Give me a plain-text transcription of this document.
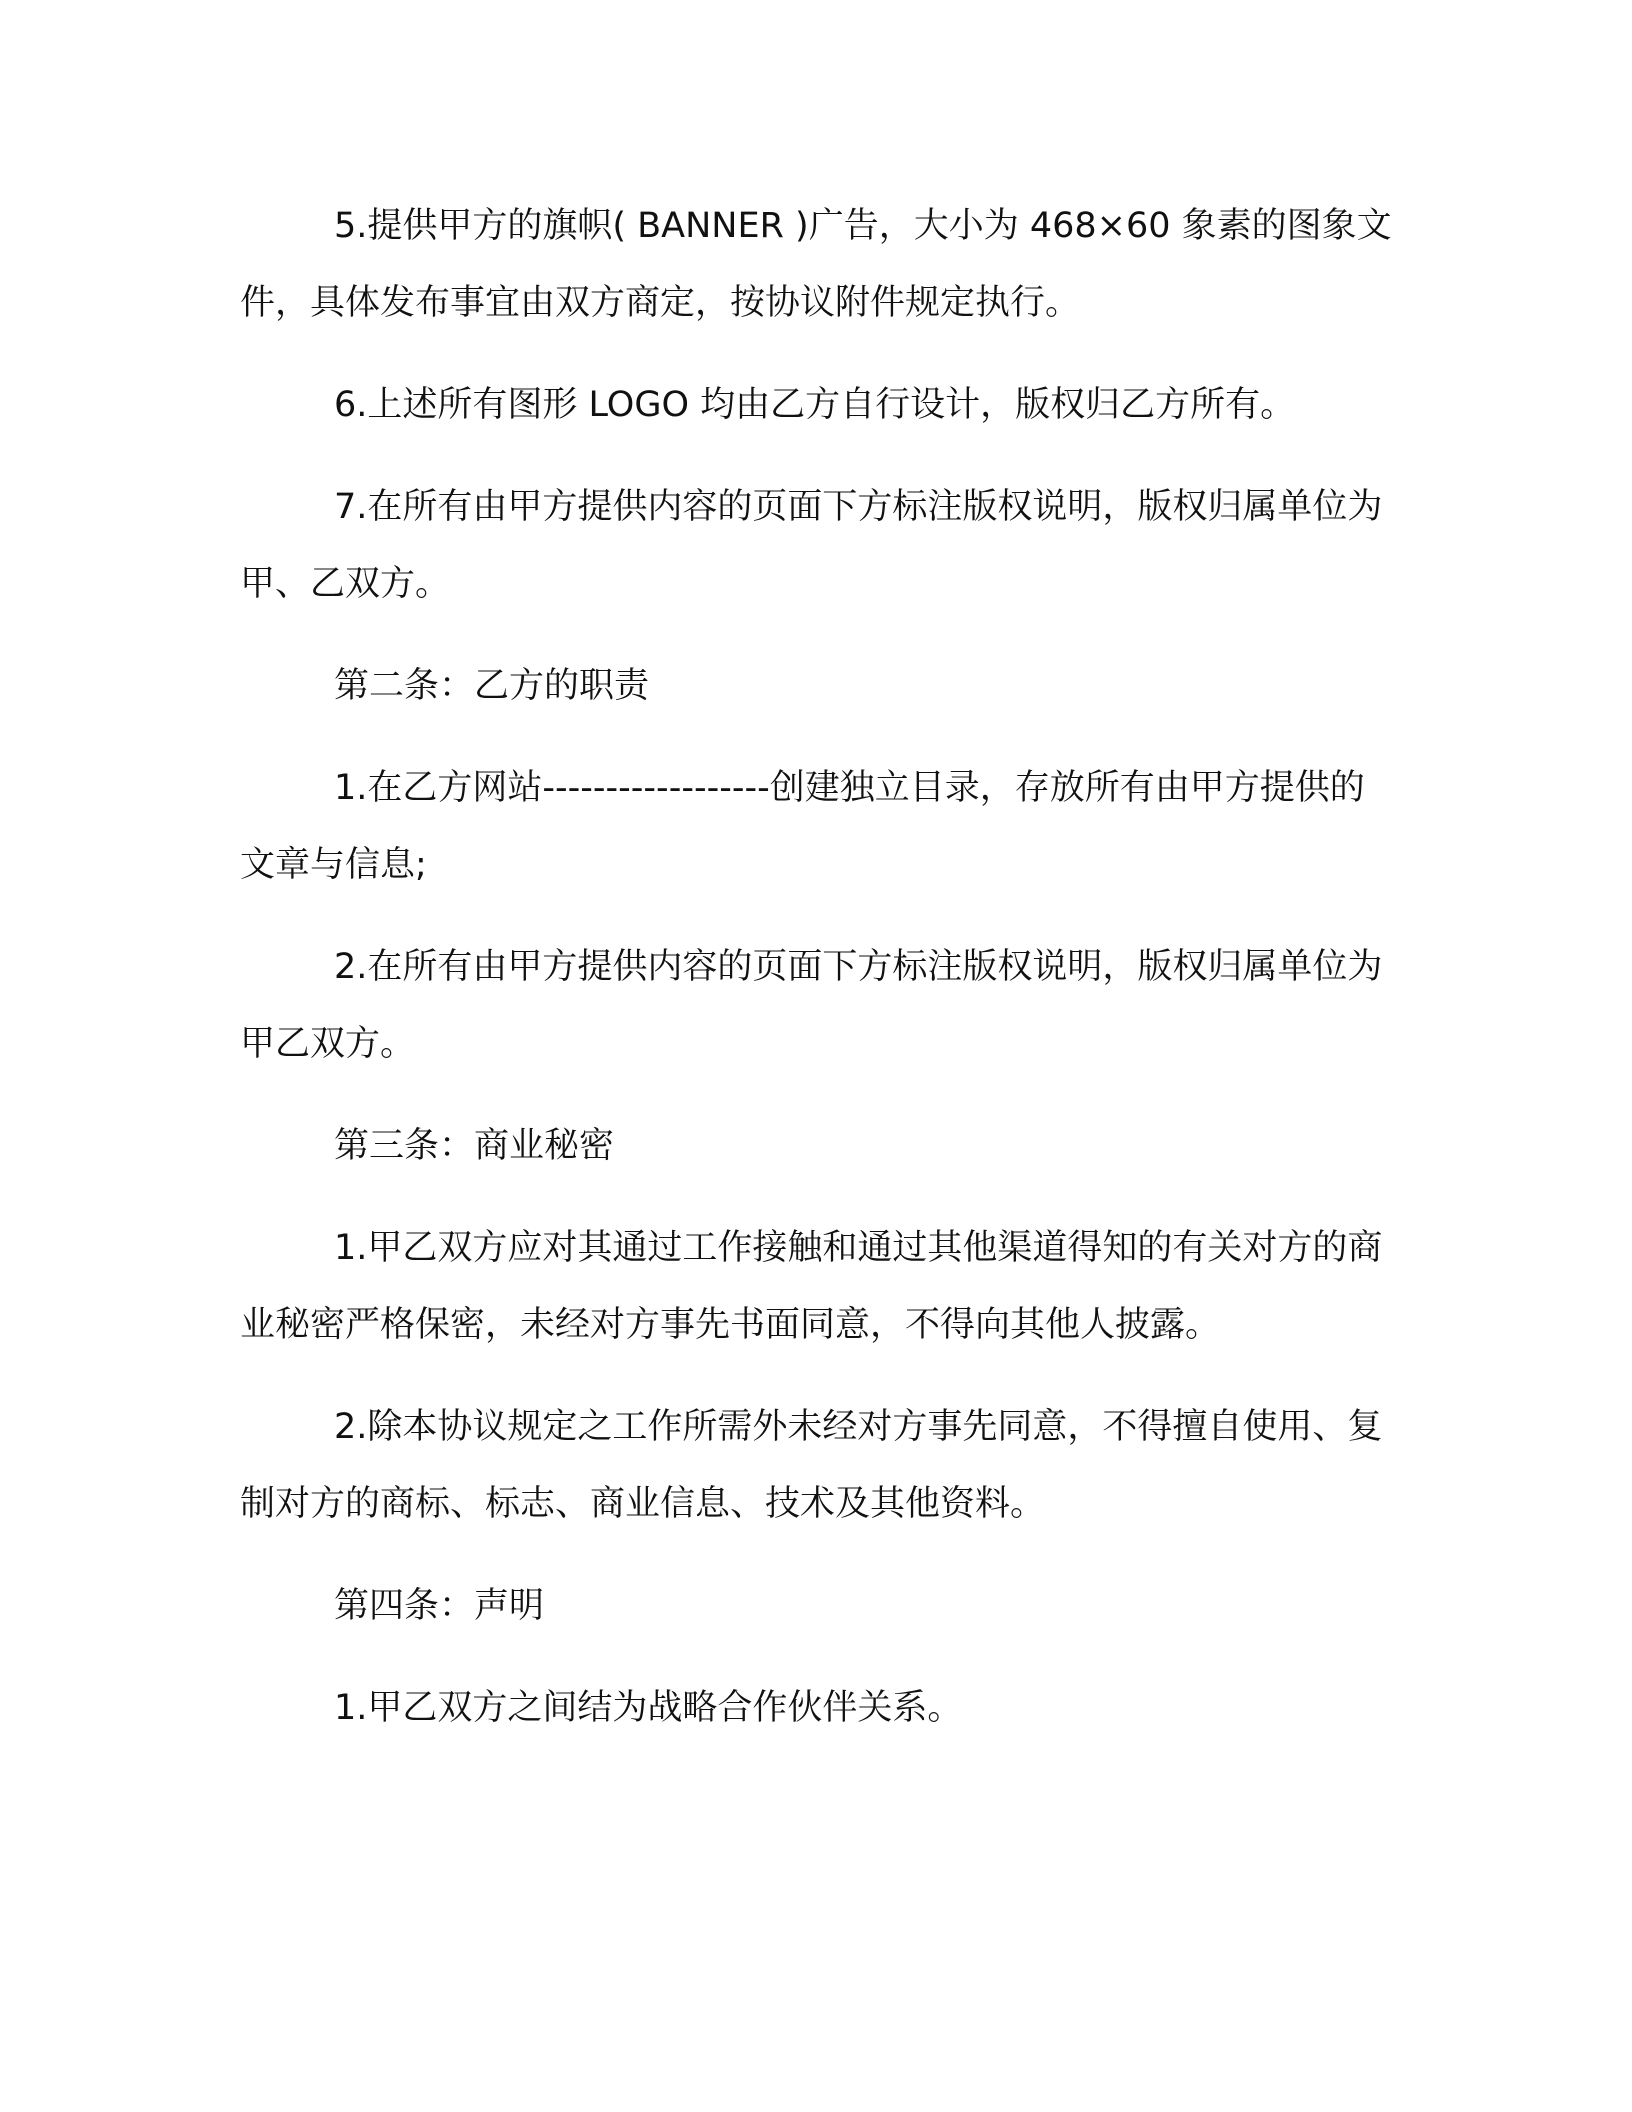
5.提供甲方的旗帜( BANNER )广告，大小为 468×60 象素的图象文件，具体发布事宜由双方商定，按协议附件规定执行。

6.上述所有图形 LOGO 均由乙方自行设计，版权归乙方所有。

7.在所有由甲方提供内容的页面下方标注版权说明，版权归属单位为甲、乙双方。

第二条：乙方的职责

1.在乙方网站------------------创建独立目录，存放所有由甲方提供的文章与信息;

2.在所有由甲方提供内容的页面下方标注版权说明，版权归属单位为甲乙双方。

第三条：商业秘密

1.甲乙双方应对其通过工作接触和通过其他渠道得知的有关对方的商业秘密严格保密，未经对方事先书面同意，不得向其他人披露。

2.除本协议规定之工作所需外未经对方事先同意，不得擅自使用、复制对方的商标、标志、商业信息、技术及其他资料。

第四条：声明

1.甲乙双方之间结为战略合作伙伴关系。
